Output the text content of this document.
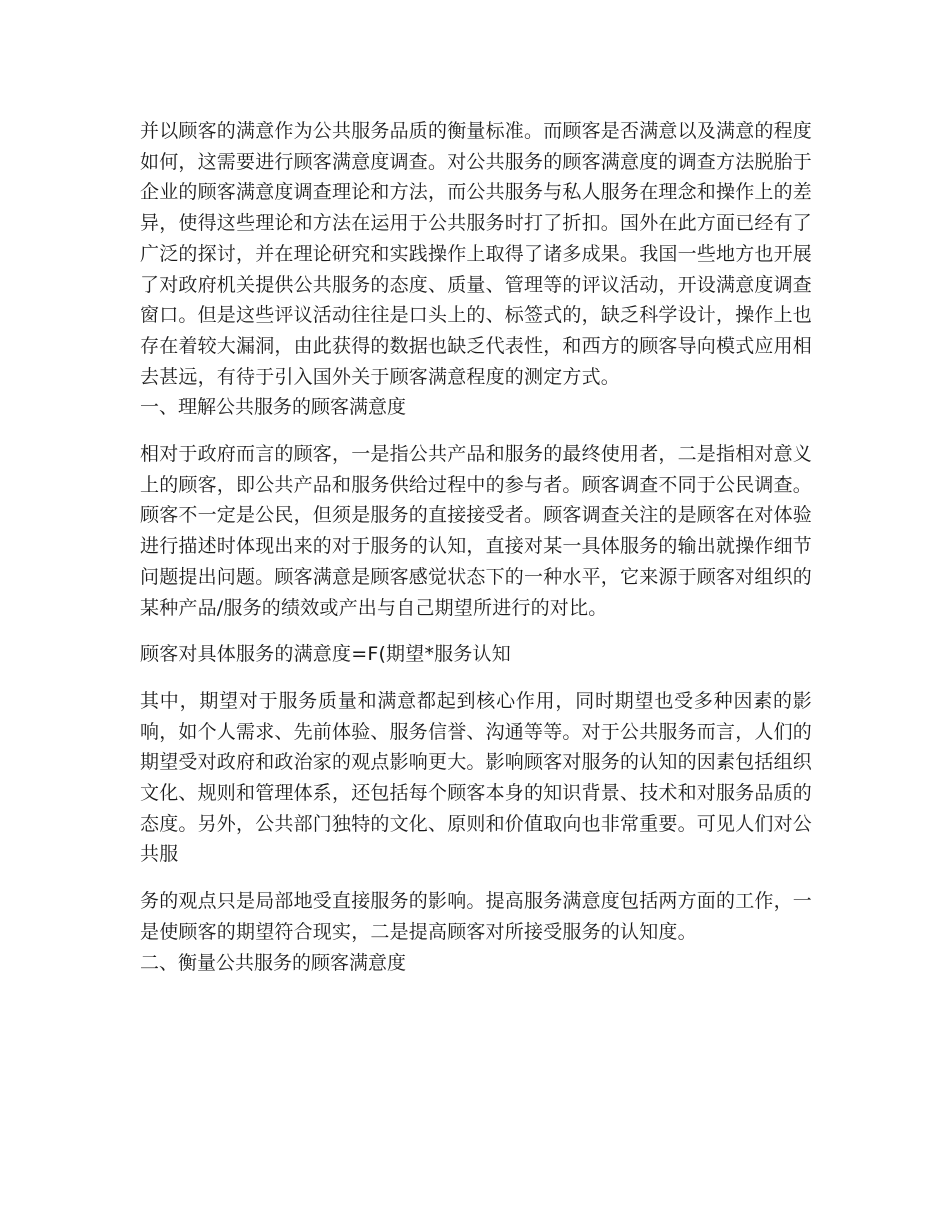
并以顾客的满意作为公共服务品质的衡量标准。而顾客是否满意以及满意的程度如何，这需要进行顾客满意度调查。对公共服务的顾客满意度的调查方法脱胎于企业的顾客满意度调查理论和方法，而公共服务与私人服务在理念和操作上的差异，使得这些理论和方法在运用于公共服务时打了折扣。国外在此方面已经有了广泛的探讨，并在理论研究和实践操作上取得了诸多成果。我国一些地方也开展了对政府机关提供公共服务的态度、质量、管理等的评议活动，开设满意度调查窗口。但是这些评议活动往往是口头上的、标签式的，缺乏科学设计，操作上也存在着较大漏洞，由此获得的数据也缺乏代表性，和西方的顾客导向模式应用相去甚远，有待于引入国外关于顾客满意程度的测定方式。

一、理解公共服务的顾客满意度

相对于政府而言的顾客，一是指公共产品和服务的最终使用者，二是指相对意义上的顾客，即公共产品和服务供给过程中的参与者。顾客调查不同于公民调查。顾客不一定是公民，但须是服务的直接接受者。顾客调查关注的是顾客在对体验进行描述时体现出来的对于服务的认知，直接对某一具体服务的输出就操作细节问题提出问题。顾客满意是顾客感觉状态下的一种水平，它来源于顾客对组织的某种产品/服务的绩效或产出与自己期望所进行的对比。

顾客对具体服务的满意度=F(期望*服务认知

其中，期望对于服务质量和满意都起到核心作用，同时期望也受多种因素的影响，如个人需求、先前体验、服务信誉、沟通等等。对于公共服务而言，人们的期望受对政府和政治家的观点影响更大。影响顾客对服务的认知的因素包括组织文化、规则和管理体系，还包括每个顾客本身的知识背景、技术和对服务品质的态度。另外，公共部门独特的文化、原则和价值取向也非常重要。可见人们对公共服

务的观点只是局部地受直接服务的影响。提高服务满意度包括两方面的工作，一是使顾客的期望符合现实，二是提高顾客对所接受服务的认知度。

二、衡量公共服务的顾客满意度
